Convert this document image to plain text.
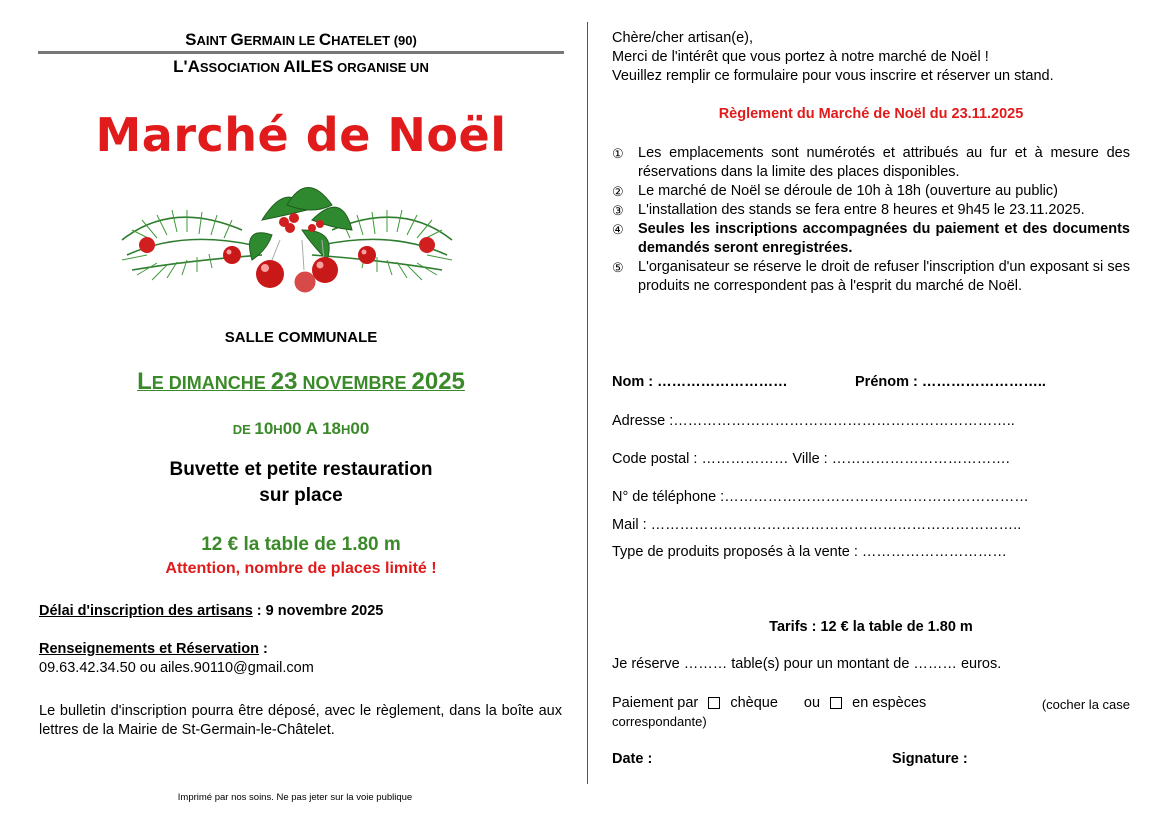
SAINT GERMAIN LE CHATELET (90)
L'ASSOCIATION AILES ORGANISE UN
Marché de Noël
SALLE COMMUNALE
LE DIMANCHE 23 NOVEMBRE 2025
DE 10H00 A 18H00
Buvette et petite restauration
sur place
12 € la table de 1.80 m
Attention, nombre de places limité !
Délai d'inscription des artisans : 9 novembre 2025
Renseignements et Réservation :
09.63.42.34.50 ou ailes.90110@gmail.com
Le bulletin d'inscription pourra être déposé, avec le règlement, dans la boîte aux lettres de la Mairie de St-Germain-le-Châtelet.
Imprimé par nos soins. Ne pas jeter sur la voie publique
Chère/cher artisan(e),
Merci de l'intérêt que vous portez à notre marché de Noël !
Veuillez remplir ce formulaire pour vous inscrire et réserver un stand.
Règlement du Marché de Noël du 23.11.2025
① Les emplacements sont numérotés et attribués au fur et à mesure des réservations dans la limite des places disponibles.
② Le marché de Noël se déroule de 10h à 18h (ouverture au public)
③ L'installation des stands se fera entre 8 heures et 9h45 le 23.11.2025.
④ Seules les inscriptions accompagnées du paiement et des documents demandés seront enregistrées.
⑤ L'organisateur se réserve le droit de refuser l'inscription d'un exposant si ses produits ne correspondent pas à l'esprit du marché de Noël.
Nom : ………………………	Prénom : ……………………..
Adresse :……………………………………………………………..
Code postal : ……………… Ville : ……………………………….
N° de téléphone :………………………………………………………
Mail : …………………………………………………………………..
Type de produits proposés à la vente : …………………………
Tarifs : 12 € la table de 1.80 m
Je réserve ……… table(s) pour un montant de ……… euros.
Paiement par chèque ou en espèces	(cocher la case
correspondante)
Date :	Signature :
